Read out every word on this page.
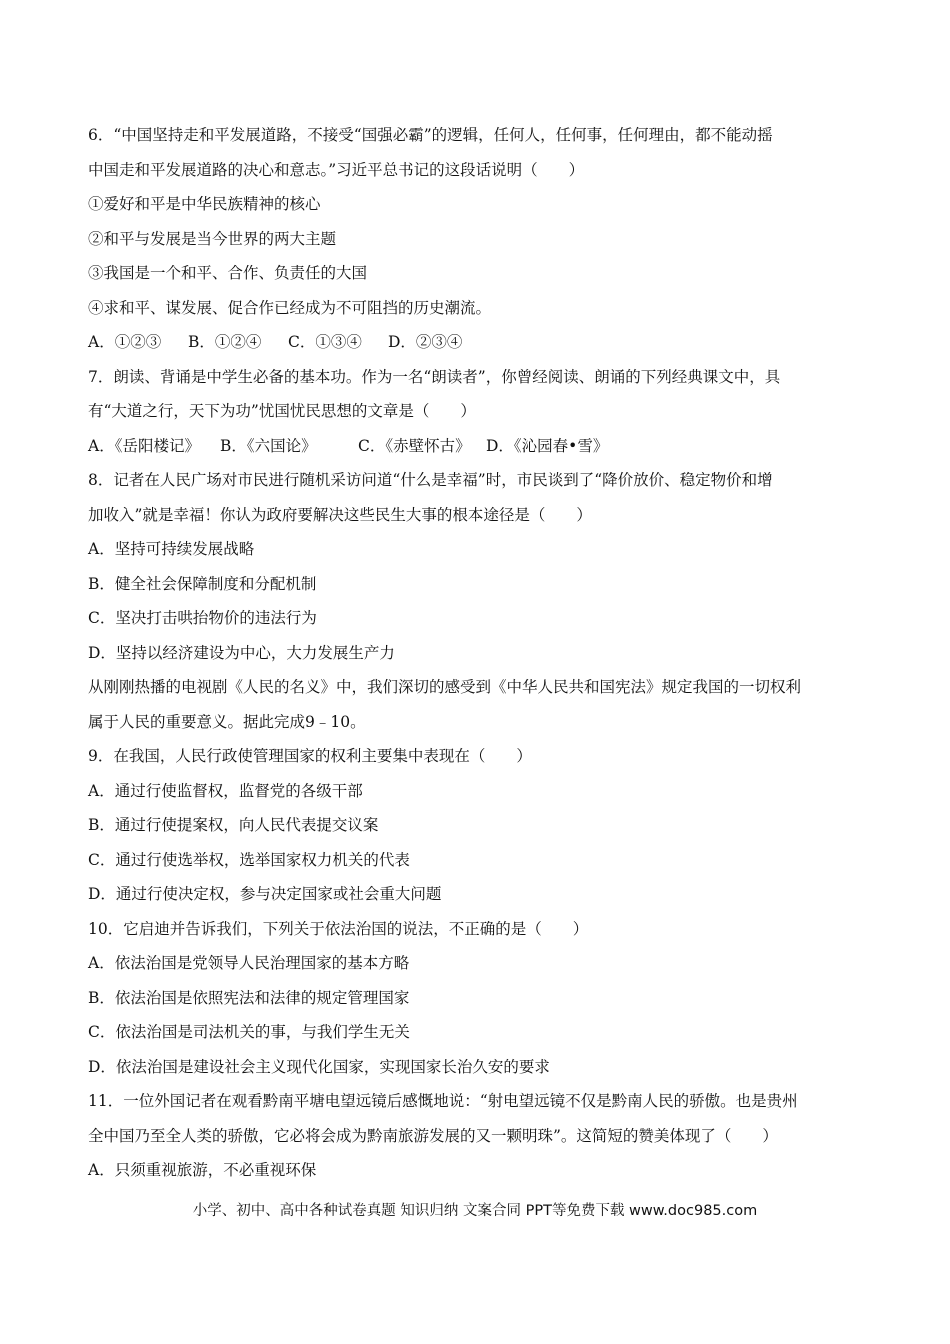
6．“中国坚持走和平发展道路，不接受“国强必霸”的逻辑，任何人，任何事，任何理由，都不能动摇
中国走和平发展道路的决心和意志。”习近平总书记的这段话说明（　　）
①爱好和平是中华民族精神的核心
②和平与发展是当今世界的两大主题
③我国是一个和平、合作、负责任的大国
④求和平、谋发展、促合作已经成为不可阻挡的历史潮流。
A．①②③	B．①②④	C．①③④	D．②③④
7．朗读、背诵是中学生必备的基本功。作为一名“朗读者”，你曾经阅读、朗诵的下列经典课文中，具
有“大道之行，天下为功”忧国忧民思想的文章是（　　）
A．《岳阳楼记》	B．《六国论》	C．《赤壁怀古》 D．《沁园春•雪》
8．记者在人民广场对市民进行随机采访问道“什么是幸福”时，市民谈到了“降价放价、稳定物价和增
加收入”就是幸福！你认为政府要解决这些民生大事的根本途径是（　　）
A．坚持可持续发展战略
B．健全社会保障制度和分配机制
C．坚决打击哄抬物价的违法行为
D．坚持以经济建设为中心，大力发展生产力
从刚刚热播的电视剧《人民的名义》中，我们深切的感受到《中华人民共和国宪法》规定我国的一切权利
属于人民的重要意义。据此完成9﹣10。
9．在我国，人民行政使管理国家的权利主要集中表现在（　　）
A．通过行使监督权，监督党的各级干部
B．通过行使提案权，向人民代表提交议案
C．通过行使选举权，选举国家权力机关的代表
D．通过行使决定权，参与决定国家或社会重大问题
10．它启迪并告诉我们，下列关于依法治国的说法，不正确的是（　　）
A．依法治国是党领导人民治理国家的基本方略
B．依法治国是依照宪法和法律的规定管理国家
C．依法治国是司法机关的事，与我们学生无关
D．依法治国是建设社会主义现代化国家，实现国家长治久安的要求
11．一位外国记者在观看黔南平塘电望远镜后感慨地说：“射电望远镜不仅是黔南人民的骄傲。也是贵州
全中国乃至全人类的骄傲，它必将会成为黔南旅游发展的又一颗明珠”。这简短的赞美体现了（　　）
A．只须重视旅游，不必重视环保
小学、初中、高中各种试卷真题 知识归纳 文案合同 PPT等免费下载 www.doc985.com
